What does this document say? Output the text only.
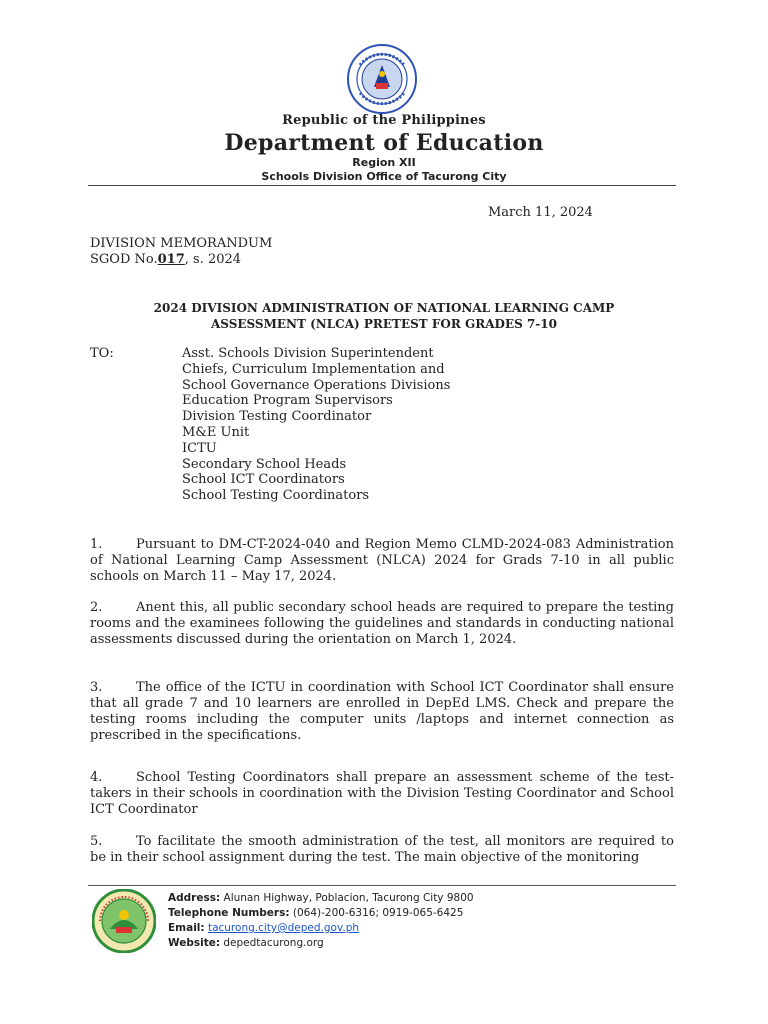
Republic of the Philippines
Department of Education
Region XII
Schools Division Office of Tacurong City
March 11, 2024
DIVISION MEMORANDUM
SGOD No.017, s. 2024
2024 DIVISION ADMINISTRATION OF NATIONAL LEARNING CAMP
ASSESSMENT (NLCA) PRETEST FOR GRADES 7-10
TO:	Asst. Schools Division Superintendent
Chiefs, Curriculum Implementation and
School Governance Operations Divisions
Education Program Supervisors
Division Testing Coordinator
M&E Unit
ICTU
Secondary School Heads
School ICT Coordinators
School Testing Coordinators
1.	Pursuant to DM-CT-2024-040 and Region Memo CLMD-2024-083 Administration of National Learning Camp Assessment (NLCA) 2024 for Grads 7-10 in all public schools on March 11 – May 17, 2024.
2.	Anent this, all public secondary school heads are required to prepare the testing rooms and the examinees following the guidelines and standards in conducting national assessments discussed during the orientation on March 1, 2024.
3.	The office of the ICTU in coordination with School ICT Coordinator shall ensure that all grade 7 and 10 learners are enrolled in DepEd LMS. Check and prepare the testing rooms including the computer units /laptops and internet connection as prescribed in the specifications.
4.	School Testing Coordinators shall prepare an assessment scheme of the test-takers in their schools in coordination with the Division Testing Coordinator and School ICT Coordinator
5.	To facilitate the smooth administration of the test, all monitors are required to be in their school assignment during the test. The main objective of the monitoring
Address: Alunan Highway, Poblacion, Tacurong City 9800
Telephone Numbers: (064)-200-6316; 0919-065-6425
Email: tacurong.city@deped.gov.ph
Website: depedtacurong.org
